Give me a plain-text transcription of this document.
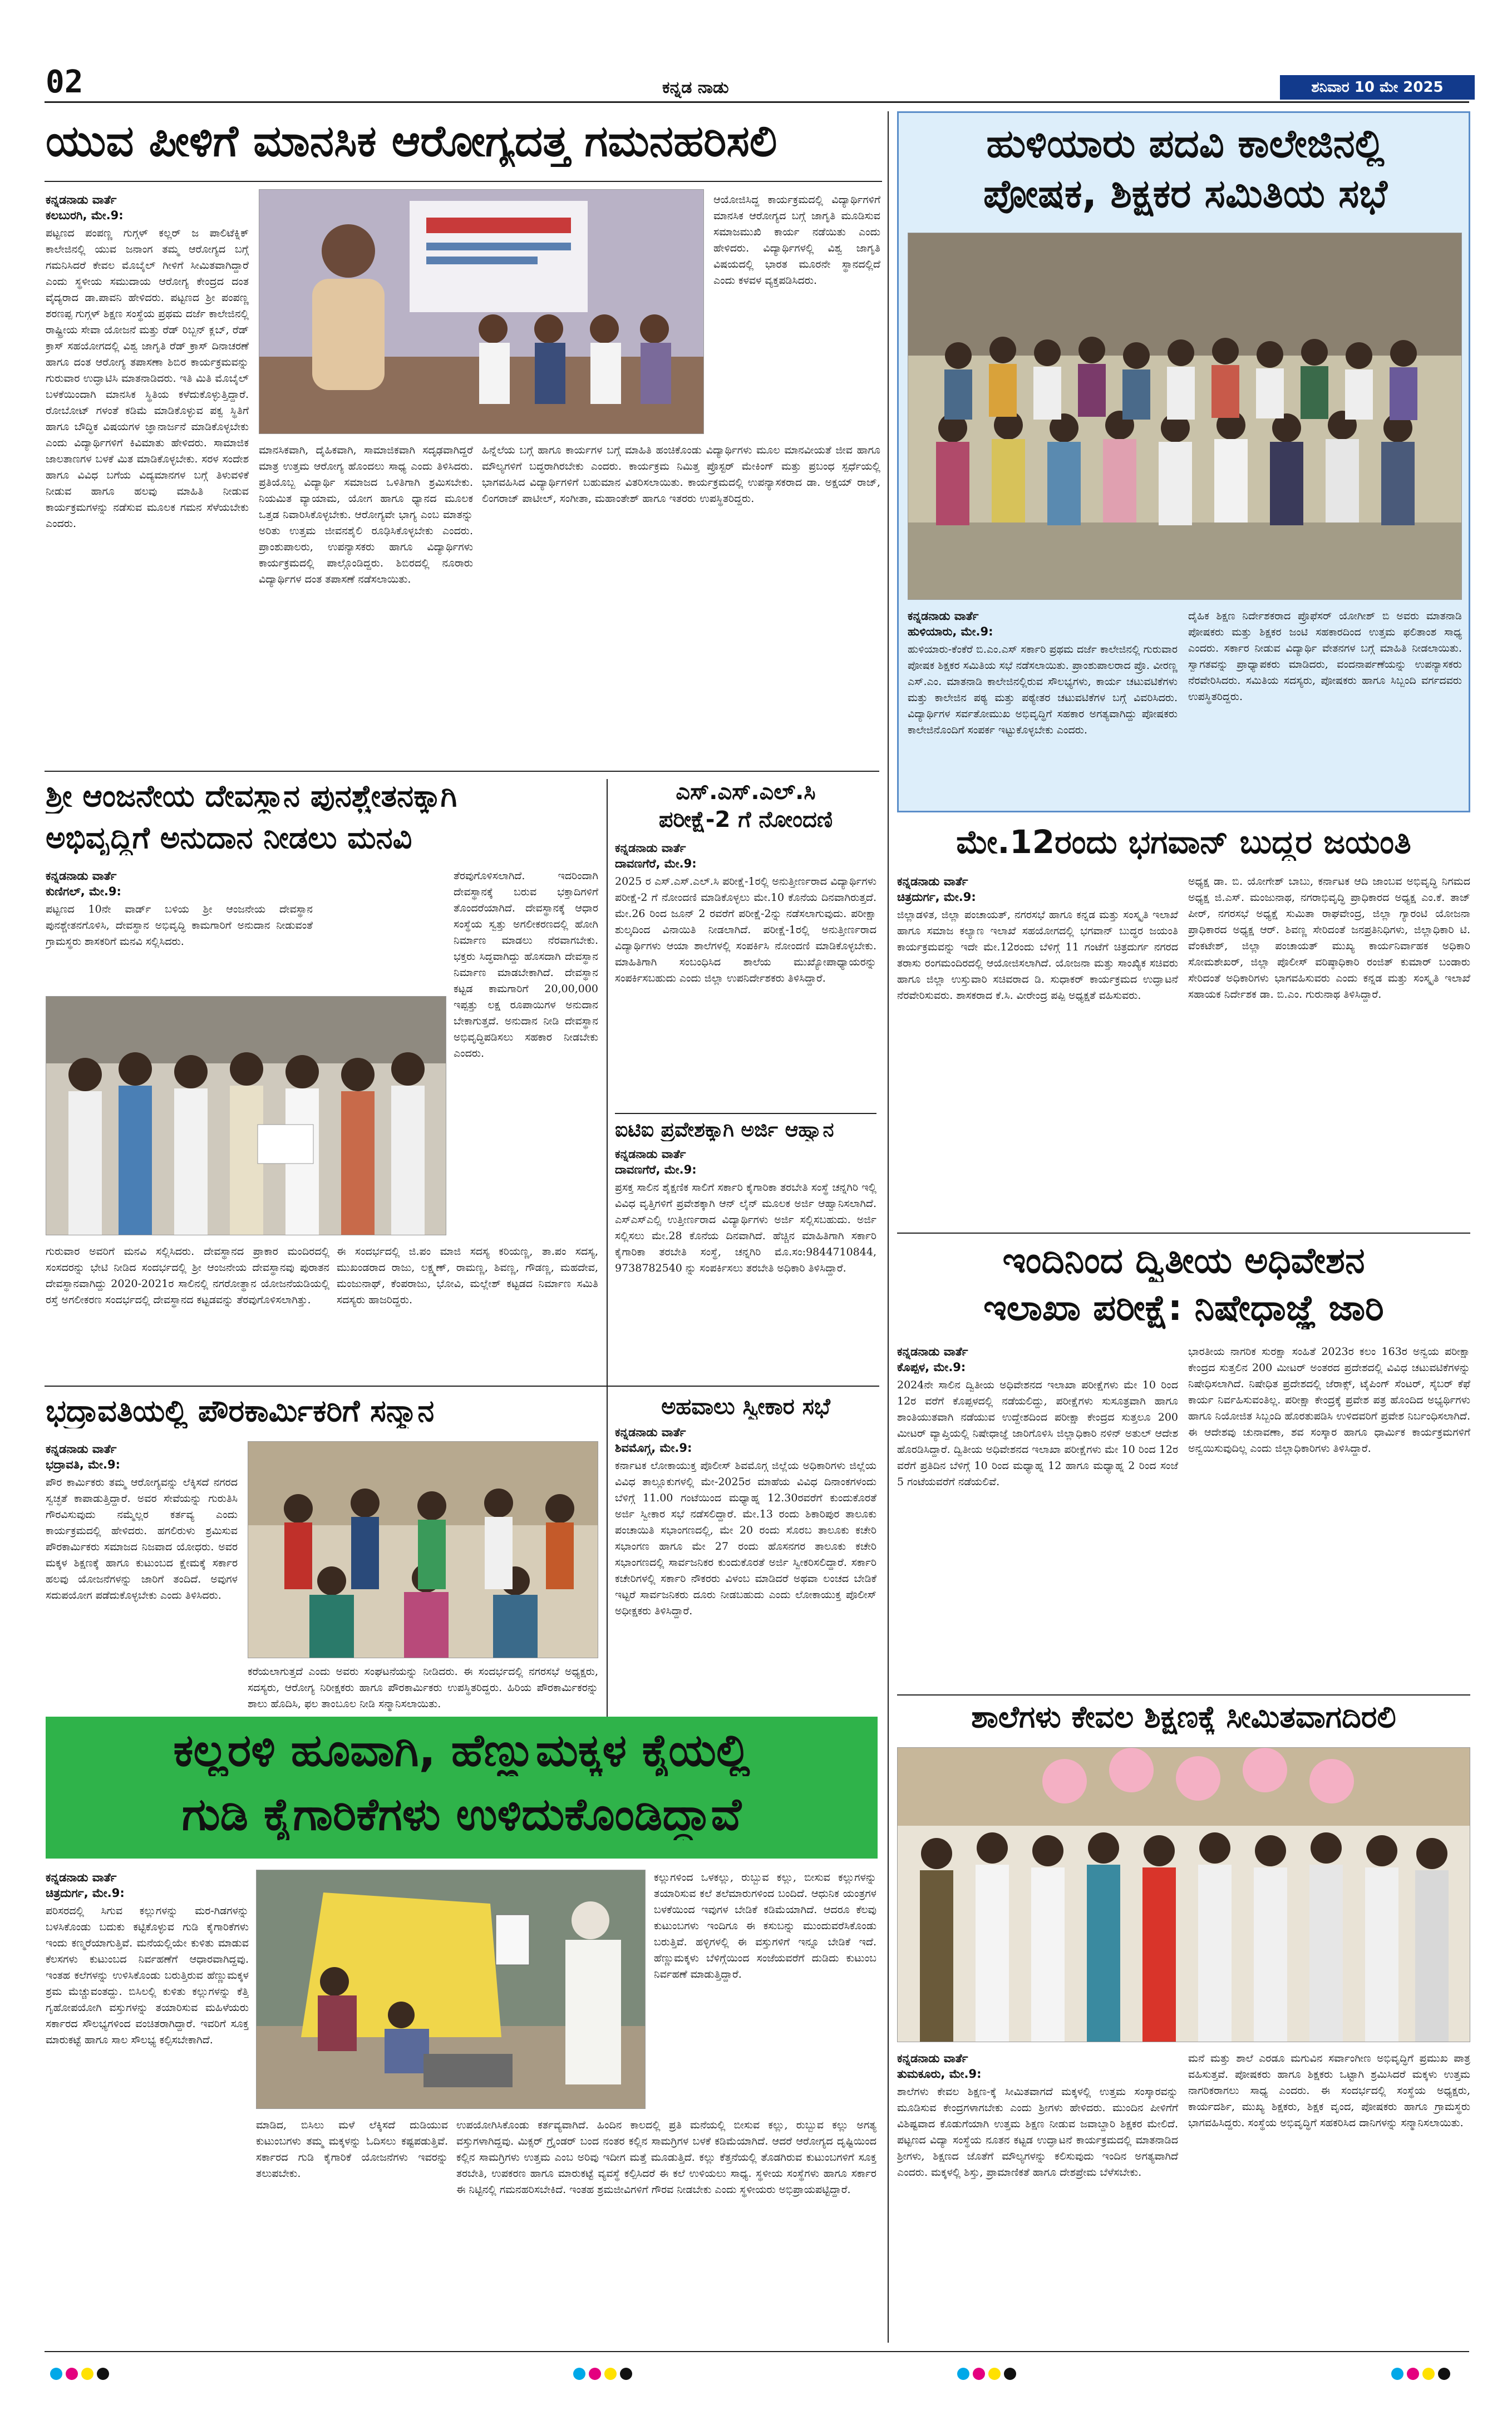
02	ಕನ್ನಡ ನಾಡು	ಶನಿವಾರ 10 ಮೇ 2025
ಯುವ ಪೀಳಿಗೆ ಮಾನಸಿಕ ಆರೋಗ್ಯದತ್ತ ಗಮನಹರಿಸಲಿ
ಕನ್ನಡನಾಡು ವಾರ್ತೆ
ಕಲಬುರಗಿ, ಮೇ.9:
ಪಟ್ಟಣದ ಪಂಪಣ್ಣ ಗುಗ್ಗಳ್ ಕಲ್ಲರ್ ಜ ಪಾಲಿಟೆಕ್ನಿಕ್ ಕಾಲೇಜಿನಲ್ಲಿ ಯುವ ಜನಾಂಗ ತಮ್ಮ ಆರೋಗ್ಯದ ಬಗ್ಗೆ ಗಮನಿಸಿದರೆ ಕೇವಲ ಮೊಬೈಲ್ ಗೀಳಿಗೆ ಸೀಮಿತವಾಗಿದ್ದಾರೆ ಎಂದು ಸ್ಥಳೀಯ ಸಮುದಾಯ ಆರೋಗ್ಯ ಕೇಂದ್ರದ ದಂತ ವೈದ್ಯರಾದ ಡಾ.ಪಾವನಿ ಹೇಳಿದರು. ಪಟ್ಟಣದ ಶ್ರೀ ಪಂಪಣ್ಣ ಶರಣಪ್ಪ ಗುಗ್ಗಳ್ ಶಿಕ್ಷಣ ಸಂಸ್ಥೆಯ ಪ್ರಥಮ ದರ್ಜೆ ಕಾಲೇಜಿನಲ್ಲಿ ರಾಷ್ಟ್ರೀಯ ಸೇವಾ ಯೋಜನೆ ಮತ್ತು ರೆಡ್ ರಿಬ್ಬನ್ ಕ್ಲಬ್, ರೆಡ್ ಕ್ರಾಸ್ ಸಹಯೋಗದಲ್ಲಿ ವಿಶ್ವ ಜಾಗೃತಿ ರೆಡ್ ಕ್ರಾಸ್ ದಿನಾಚರಣೆ ಹಾಗೂ ದಂತ ಆರೋಗ್ಯ ತಪಾಸಣಾ ಶಿಬಿರ ಕಾರ್ಯಕ್ರಮವನ್ನು ಗುರುವಾರ ಉದ್ಘಾಟಿಸಿ ಮಾತನಾಡಿದರು. ಇತಿ ಮಿತಿ ಮೊಬೈಲ್ ಬಳಕೆಯಿಂದಾಗಿ ಮಾನಸಿಕ ಸ್ಥಿತಿಯ ಕಳೆದುಕೊಳ್ಳುತ್ತಿದ್ದಾರೆ. ರೋಬೋಟ್ ಗಳಂತೆ ಕಡಿಮೆ ಮಾಡಿಕೊಳ್ಳುವ ಪಕ್ವ ಸ್ಥಿತಿಗೆ ಹಾಗೂ ಬೌದ್ಧಿಕ ವಿಷಯಗಳ ಜ್ಞಾನಾರ್ಜನೆ ಮಾಡಿಕೊಳ್ಳಬೇಕು ಎಂದು ವಿದ್ಯಾರ್ಥಿಗಳಿಗೆ ಕಿವಿಮಾತು ಹೇಳಿದರು. ಸಾಮಾಜಿಕ ಜಾಲತಾಣಗಳ ಬಳಕೆ ಮಿತ ಮಾಡಿಕೊಳ್ಳಬೇಕು. ಸರಳ ಸಂದೇಶ ಹಾಗೂ ವಿವಿಧ ಬಗೆಯ ವಿದ್ಯಮಾನಗಳ ಬಗ್ಗೆ ತಿಳುವಳಿಕೆ ನೀಡುವ ಹಾಗೂ ಹಲವು ಮಾಹಿತಿ ನೀಡುವ ಕಾರ್ಯಕ್ರಮಗಳನ್ನು ನಡೆಸುವ ಮೂಲಕ ಗಮನ ಸೆಳೆಯಬೇಕು ಎಂದರು.
ಆಯೋಜಿಸಿದ್ದ ಕಾರ್ಯಕ್ರಮದಲ್ಲಿ ವಿದ್ಯಾರ್ಥಿಗಳಿಗೆ ಮಾನಸಿಕ ಆರೋಗ್ಯದ ಬಗ್ಗೆ ಜಾಗೃತಿ ಮೂಡಿಸುವ ಸಮಾಜಮುಖಿ ಕಾರ್ಯ ನಡೆಯಿತು ಎಂದು ಹೇಳಿದರು. ವಿದ್ಯಾರ್ಥಿಗಳಲ್ಲಿ ವಿಶ್ವ ಜಾಗೃತಿ ವಿಷಯದಲ್ಲಿ ಭಾರತ ಮೂರನೇ ಸ್ಥಾನದಲ್ಲಿದೆ ಎಂದು ಕಳವಳ ವ್ಯಕ್ತಪಡಿಸಿದರು.
ಮಾನಸಿಕವಾಗಿ, ದೈಹಿಕವಾಗಿ, ಸಾಮಾಜಿಕವಾಗಿ ಸದೃಢವಾಗಿದ್ದರೆ ಮಾತ್ರ ಉತ್ತಮ ಆರೋಗ್ಯ ಹೊಂದಲು ಸಾಧ್ಯ ಎಂದು ತಿಳಿಸಿದರು. ಪ್ರತಿಯೊಬ್ಬ ವಿದ್ಯಾರ್ಥಿ ಸಮಾಜದ ಒಳಿತಿಗಾಗಿ ಶ್ರಮಿಸಬೇಕು. ನಿಯಮಿತ ವ್ಯಾಯಾಮ, ಯೋಗ ಹಾಗೂ ಧ್ಯಾನದ ಮೂಲಕ ಒತ್ತಡ ನಿವಾರಿಸಿಕೊಳ್ಳಬೇಕು. ಆರೋಗ್ಯವೇ ಭಾಗ್ಯ ಎಂಬ ಮಾತನ್ನು ಅರಿತು ಉತ್ತಮ ಜೀವನಶೈಲಿ ರೂಢಿಸಿಕೊಳ್ಳಬೇಕು ಎಂದರು. ಪ್ರಾಂಶುಪಾಲರು, ಉಪನ್ಯಾಸಕರು ಹಾಗೂ ವಿದ್ಯಾರ್ಥಿಗಳು ಕಾರ್ಯಕ್ರಮದಲ್ಲಿ ಪಾಲ್ಗೊಂಡಿದ್ದರು. ಶಿಬಿರದಲ್ಲಿ ನೂರಾರು ವಿದ್ಯಾರ್ಥಿಗಳ ದಂತ ತಪಾಸಣೆ ನಡೆಸಲಾಯಿತು.
ಹಿನ್ನೆಲೆಯ ಬಗ್ಗೆ ಹಾಗೂ ಕಾರ್ಯಗಳ ಬಗ್ಗೆ ಮಾಹಿತಿ ಹಂಚಿಕೊಂಡು ವಿದ್ಯಾರ್ಥಿಗಳು ಮೂಲ ಮಾನವೀಯತೆ ಜೀವ ಹಾಗೂ ಮೌಲ್ಯಗಳಿಗೆ ಬದ್ಧರಾಗಿರಬೇಕು ಎಂದರು. ಕಾರ್ಯಕ್ರಮ ನಿಮಿತ್ತ ಪ್ರೊಸ್ಟರ್ ಮೇಕಿಂಗ್ ಮತ್ತು ಪ್ರಬಂಧ ಸ್ಪರ್ಧೆಯಲ್ಲಿ ಭಾಗವಹಿಸಿದ ವಿದ್ಯಾರ್ಥಿಗಳಿಗೆ ಬಹುಮಾನ ವಿತರಿಸಲಾಯಿತು. ಕಾರ್ಯಕ್ರಮದಲ್ಲಿ ಉಪನ್ಯಾಸಕರಾದ ಡಾ. ಅಕ್ಷಯ್ ರಾಜ್, ಲಿಂಗರಾಜ್ ಪಾಟೀಲ್, ಸಂಗೀತಾ, ಮಹಾಂತೇಶ್ ಹಾಗೂ ಇತರರು ಉಪಸ್ಥಿತರಿದ್ದರು.
ಹುಳಿಯಾರು ಪದವಿ ಕಾಲೇಜಿನಲ್ಲಿ
ಪೋಷಕ, ಶಿಕ್ಷಕರ ಸಮಿತಿಯ ಸಭೆ
ಕನ್ನಡನಾಡು ವಾರ್ತೆ
ಹುಳಿಯಾರು, ಮೇ.9:
ಹುಳಿಯಾರು-ಕೆಂಕೆರೆ ಬಿ.ಎಂ.ಎಸ್ ಸರ್ಕಾರಿ ಪ್ರಥಮ ದರ್ಜೆ ಕಾಲೇಜಿನಲ್ಲಿ ಗುರುವಾರ ಪೋಷಕ ಶಿಕ್ಷಕರ ಸಮಿತಿಯ ಸಭೆ ನಡೆಸಲಾಯಿತು. ಪ್ರಾಂಶುಪಾಲರಾದ ಪ್ರೊ. ವೀರಣ್ಣ ಎಸ್.ಎಂ. ಮಾತನಾಡಿ ಕಾಲೇಜಿನಲ್ಲಿರುವ ಸೌಲಭ್ಯಗಳು, ಕಾರ್ಯ ಚಟುವಟಿಕೆಗಳು ಮತ್ತು ಕಾಲೇಜಿನ ಪಠ್ಯ ಮತ್ತು ಪಠ್ಯೇತರ ಚಟುವಟಿಕೆಗಳ ಬಗ್ಗೆ ವಿವರಿಸಿದರು. ವಿದ್ಯಾರ್ಥಿಗಳ ಸರ್ವತೋಮುಖ ಅಭಿವೃದ್ಧಿಗೆ ಸಹಕಾರ ಅಗತ್ಯವಾಗಿದ್ದು ಪೋಷಕರು ಕಾಲೇಜಿನೊಂದಿಗೆ ಸಂಪರ್ಕ ಇಟ್ಟುಕೊಳ್ಳಬೇಕು ಎಂದರು.
ದೈಹಿಕ ಶಿಕ್ಷಣ ನಿರ್ದೇಶಕರಾದ ಪ್ರೊಫೆಸರ್ ಯೋಗೀಶ್ ಬಿ ಅವರು ಮಾತನಾಡಿ ಪೋಷಕರು ಮತ್ತು ಶಿಕ್ಷಕರ ಜಂಟಿ ಸಹಕಾರದಿಂದ ಉತ್ತಮ ಫಲಿತಾಂಶ ಸಾಧ್ಯ ಎಂದರು. ಸರ್ಕಾರ ನೀಡುವ ವಿದ್ಯಾರ್ಥಿ ವೇತನಗಳ ಬಗ್ಗೆ ಮಾಹಿತಿ ನೀಡಲಾಯಿತು. ಸ್ವಾಗತವನ್ನು ಪ್ರಾಧ್ಯಾಪಕರು ಮಾಡಿದರು, ವಂದನಾರ್ಪಣೆಯನ್ನು ಉಪನ್ಯಾಸಕರು ನೆರವೇರಿಸಿದರು. ಸಮಿತಿಯ ಸದಸ್ಯರು, ಪೋಷಕರು ಹಾಗೂ ಸಿಬ್ಬಂದಿ ವರ್ಗದವರು ಉಪಸ್ಥಿತರಿದ್ದರು.
ಶ್ರೀ ಆಂಜನೇಯ ದೇವಸ್ಥಾನ ಪುನಶ್ಚೇತನಕ್ಕಾಗಿ
ಅಭಿವೃದ್ಧಿಗೆ ಅನುದಾನ ನೀಡಲು ಮನವಿ
ಕನ್ನಡನಾಡು ವಾರ್ತೆ
ಕುಣಿಗಲ್, ಮೇ.9:
ಪಟ್ಟಣದ 10ನೇ ವಾರ್ಡ್ ಬಳಿಯ ಶ್ರೀ ಆಂಜನೇಯ ದೇವಸ್ಥಾನ ಪುನಶ್ಚೇತನಗೊಳಿಸಿ, ದೇವಸ್ಥಾನ ಅಭಿವೃದ್ಧಿ ಕಾಮಗಾರಿಗೆ ಅನುದಾನ ನೀಡುವಂತೆ ಗ್ರಾಮಸ್ಥರು ಶಾಸಕರಿಗೆ ಮನವಿ ಸಲ್ಲಿಸಿದರು.
ಗುರುವಾರ ಅವರಿಗೆ ಮನವಿ ಸಲ್ಲಿಸಿದರು. ದೇವಸ್ಥಾನದ ಪ್ರಾಕಾರ ಮಂದಿರದಲ್ಲಿ ಸಂಸದರನ್ನು ಭೇಟಿ ನೀಡಿದ ಸಂದರ್ಭದಲ್ಲಿ ಶ್ರೀ ಆಂಜನೇಯ ದೇವಸ್ಥಾನವು ಪುರಾತನ ದೇವಸ್ಥಾನವಾಗಿದ್ದು 2020-2021ರ ಸಾಲಿನಲ್ಲಿ ನಗರೋತ್ಥಾನ ಯೋಜನೆಯಡಿಯಲ್ಲಿ ರಸ್ತೆ ಅಗಲೀಕರಣ ಸಂದರ್ಭದಲ್ಲಿ ದೇವಸ್ಥಾನದ ಕಟ್ಟಡವನ್ನು ತೆರವುಗೊಳಿಸಲಾಗಿತ್ತು.
ತೆರವುಗೊಳಿಸಲಾಗಿದೆ. ಇದರಿಂದಾಗಿ ದೇವಸ್ಥಾನಕ್ಕೆ ಬರುವ ಭಕ್ತಾದಿಗಳಿಗೆ ತೊಂದರೆಯಾಗಿದೆ. ದೇವಸ್ಥಾನಕ್ಕೆ ಆಧಾರ ಸಂಸ್ಥೆಯ ಸ್ವತ್ತು ಅಗಲೀಕರಣದಲ್ಲಿ ಹೋಗಿ ನಿರ್ಮಾಣ ಮಾಡಲು ನೆರವಾಗಬೇಕು. ಭಕ್ತರು ಸಿದ್ಧವಾಗಿದ್ದು ಹೊಸದಾಗಿ ದೇವಸ್ಥಾನ ನಿರ್ಮಾಣ ಮಾಡಬೇಕಾಗಿದೆ. ದೇವಸ್ಥಾನ ಕಟ್ಟಡ ಕಾಮಗಾರಿಗೆ 20,00,000 ಇಪ್ಪತ್ತು ಲಕ್ಷ ರೂಪಾಯಿಗಳ ಅನುದಾನ ಬೇಕಾಗುತ್ತದೆ. ಅನುದಾನ ನೀಡಿ ದೇವಸ್ಥಾನ ಅಭಿವೃದ್ಧಿಪಡಿಸಲು ಸಹಕಾರ ನೀಡಬೇಕು ಎಂದರು.
ಈ ಸಂದರ್ಭದಲ್ಲಿ ಜಿ.ಪಂ ಮಾಜಿ ಸದಸ್ಯ ಕರಿಯಣ್ಣ, ತಾ.ಪಂ ಸದಸ್ಯ, ಮುಖಂಡರಾದ ರಾಜು, ಲಕ್ಷ್ಮಣ್, ರಾಮಣ್ಣ, ಶಿವಣ್ಣ, ಗೌಡಣ್ಣ, ಮಹದೇವ, ಮಂಜುನಾಥ್, ಕೆಂಪರಾಜು, ಭೋವಿ, ಮಲ್ಲೇಶ್ ಕಟ್ಟಡದ ನಿರ್ಮಾಣ ಸಮಿತಿ ಸದಸ್ಯರು ಹಾಜರಿದ್ದರು.
ಎಸ್.ಎಸ್.ಎಲ್.ಸಿ
ಪರೀಕ್ಷೆ-2 ಗೆ ನೋಂದಣಿ
ಕನ್ನಡನಾಡು ವಾರ್ತೆ
ದಾವಣಗೆರೆ, ಮೇ.9:
2025 ರ ಎಸ್.ಎಸ್.ಎಲ್.ಸಿ ಪರೀಕ್ಷೆ-1ರಲ್ಲಿ ಅನುತ್ತೀರ್ಣರಾದ ವಿದ್ಯಾರ್ಥಿಗಳು ಪರೀಕ್ಷೆ-2 ಗೆ ನೋಂದಣಿ ಮಾಡಿಕೊಳ್ಳಲು ಮೇ.10 ಕೊನೆಯ ದಿನವಾಗಿರುತ್ತದೆ. ಮೇ.26 ರಿಂದ ಜೂನ್ 2 ರವರೆಗೆ ಪರೀಕ್ಷೆ-2ನ್ನು ನಡೆಸಲಾಗುವುದು. ಪರೀಕ್ಷಾ ಶುಲ್ಕದಿಂದ ವಿನಾಯಿತಿ ನೀಡಲಾಗಿದೆ. ಪರೀಕ್ಷೆ-1ರಲ್ಲಿ ಅನುತ್ತೀರ್ಣರಾದ ವಿದ್ಯಾರ್ಥಿಗಳು ಆಯಾ ಶಾಲೆಗಳಲ್ಲಿ ಸಂಪರ್ಕಿಸಿ ನೋಂದಣಿ ಮಾಡಿಕೊಳ್ಳಬೇಕು. ಮಾಹಿತಿಗಾಗಿ ಸಂಬಂಧಿಸಿದ ಶಾಲೆಯ ಮುಖ್ಯೋಪಾಧ್ಯಾಯರನ್ನು ಸಂಪರ್ಕಿಸಬಹುದು ಎಂದು ಜಿಲ್ಲಾ ಉಪನಿರ್ದೇಶಕರು ತಿಳಿಸಿದ್ದಾರೆ.
ಐಟಿಐ ಪ್ರವೇಶಕ್ಕಾಗಿ ಅರ್ಜಿ ಆಹ್ವಾನ
ಕನ್ನಡನಾಡು ವಾರ್ತೆ
ದಾವಣಗೆರೆ, ಮೇ.9:
ಪ್ರಸಕ್ತ ಸಾಲಿನ ಶೈಕ್ಷಣಿಕ ಸಾಲಿಗೆ ಸರ್ಕಾರಿ ಕೈಗಾರಿಕಾ ತರಬೇತಿ ಸಂಸ್ಥೆ ಚನ್ನಗಿರಿ ಇಲ್ಲಿ ವಿವಿಧ ವೃತ್ತಿಗಳಿಗೆ ಪ್ರವೇಶಕ್ಕಾಗಿ ಆನ್ ಲೈನ್ ಮೂಲಕ ಅರ್ಜಿ ಆಹ್ವಾನಿಸಲಾಗಿದೆ. ಎಸ್ಎಸ್ಎಲ್ಸಿ ಉತ್ತೀರ್ಣರಾದ ವಿದ್ಯಾರ್ಥಿಗಳು ಅರ್ಜಿ ಸಲ್ಲಿಸಬಹುದು. ಅರ್ಜಿ ಸಲ್ಲಿಸಲು ಮೇ.28 ಕೊನೆಯ ದಿನವಾಗಿದೆ. ಹೆಚ್ಚಿನ ಮಾಹಿತಿಗಾಗಿ ಸರ್ಕಾರಿ ಕೈಗಾರಿಕಾ ತರಬೇತಿ ಸಂಸ್ಥೆ, ಚನ್ನಗಿರಿ ಮೊ.ಸಂ:9844710844, 9738782540 ನ್ನು ಸಂಪರ್ಕಿಸಲು ತರಬೇತಿ ಅಧಿಕಾರಿ ತಿಳಿಸಿದ್ದಾರೆ.
ಮೇ.12ರಂದು ಭಗವಾನ್ ಬುದ್ಧರ ಜಯಂತಿ
ಕನ್ನಡನಾಡು ವಾರ್ತೆ
ಚಿತ್ರದುರ್ಗ, ಮೇ.9:
ಜಿಲ್ಲಾಡಳಿತ, ಜಿಲ್ಲಾ ಪಂಚಾಯತ್, ನಗರಸಭೆ ಹಾಗೂ ಕನ್ನಡ ಮತ್ತು ಸಂಸ್ಕೃತಿ ಇಲಾಖೆ ಹಾಗೂ ಸಮಾಜ ಕಲ್ಯಾಣ ಇಲಾಖೆ ಸಹಯೋಗದಲ್ಲಿ ಭಗವಾನ್ ಬುದ್ಧರ ಜಯಂತಿ ಕಾರ್ಯಕ್ರಮವನ್ನು ಇದೇ ಮೇ.12ರಂದು ಬೆಳಿಗ್ಗೆ 11 ಗಂಟೆಗೆ ಚಿತ್ರದುರ್ಗ ನಗರದ ತರಾಸು ರಂಗಮಂದಿರದಲ್ಲಿ ಆಯೋಜಿಸಲಾಗಿದೆ. ಯೋಜನಾ ಮತ್ತು ಸಾಂಖ್ಯಿಕ ಸಚಿವರು ಹಾಗೂ ಜಿಲ್ಲಾ ಉಸ್ತುವಾರಿ ಸಚಿವರಾದ ಡಿ. ಸುಧಾಕರ್ ಕಾರ್ಯಕ್ರಮದ ಉದ್ಘಾಟನೆ ನೆರವೇರಿಸುವರು. ಶಾಸಕರಾದ ಕೆ.ಸಿ. ವೀರೇಂದ್ರ ಪಪ್ಪಿ ಅಧ್ಯಕ್ಷತೆ ವಹಿಸುವರು.
ಅಧ್ಯಕ್ಷ ಡಾ. ಬಿ. ಯೋಗೇಶ್ ಬಾಬು, ಕರ್ನಾಟಕ ಆದಿ ಜಾಂಬವ ಅಭಿವೃದ್ಧಿ ನಿಗಮದ ಅಧ್ಯಕ್ಷ ಜಿ.ಎಸ್. ಮಂಜುನಾಥ, ನಗರಾಭಿವೃದ್ಧಿ ಪ್ರಾಧಿಕಾರದ ಅಧ್ಯಕ್ಷ ಎಂ.ಕೆ. ತಾಜ್ ಪೀರ್, ನಗರಸಭೆ ಅಧ್ಯಕ್ಷೆ ಸುಮಿತಾ ರಾಘವೇಂದ್ರ, ಜಿಲ್ಲಾ ಗ್ಯಾರಂಟಿ ಯೋಜನಾ ಪ್ರಾಧಿಕಾರದ ಅಧ್ಯಕ್ಷ ಆರ್. ಶಿವಣ್ಣ ಸೇರಿದಂತೆ ಜನಪ್ರತಿನಿಧಿಗಳು, ಜಿಲ್ಲಾಧಿಕಾರಿ ಟಿ. ವೆಂಕಟೇಶ್, ಜಿಲ್ಲಾ ಪಂಚಾಯತ್ ಮುಖ್ಯ ಕಾರ್ಯನಿರ್ವಾಹಕ ಅಧಿಕಾರಿ ಸೋಮಶೇಖರ್, ಜಿಲ್ಲಾ ಪೊಲೀಸ್ ವರಿಷ್ಠಾಧಿಕಾರಿ ರಂಜಿತ್ ಕುಮಾರ್ ಬಂಡಾರು ಸೇರಿದಂತೆ ಅಧಿಕಾರಿಗಳು ಭಾಗವಹಿಸುವರು ಎಂದು ಕನ್ನಡ ಮತ್ತು ಸಂಸ್ಕೃತಿ ಇಲಾಖೆ ಸಹಾಯಕ ನಿರ್ದೇಶಕ ಡಾ. ಬಿ.ಎಂ. ಗುರುನಾಥ ತಿಳಿಸಿದ್ದಾರೆ.
ಇಂದಿನಿಂದ ದ್ವಿತೀಯ ಅಧಿವೇಶನ
ಇಲಾಖಾ ಪರೀಕ್ಷೆ: ನಿಷೇಧಾಜ್ಞೆ ಜಾರಿ
ಕನ್ನಡನಾಡು ವಾರ್ತೆ
ಕೊಪ್ಪಳ, ಮೇ.9:
2024ನೇ ಸಾಲಿನ ದ್ವಿತೀಯ ಅಧಿವೇಶನದ ಇಲಾಖಾ ಪರೀಕ್ಷೆಗಳು ಮೇ 10 ರಿಂದ 12ರ ವರೆಗೆ ಕೊಪ್ಪಳದಲ್ಲಿ ನಡೆಯಲಿದ್ದು, ಪರೀಕ್ಷೆಗಳು ಸುಸೂತ್ರವಾಗಿ ಹಾಗೂ ಶಾಂತಿಯುತವಾಗಿ ನಡೆಯುವ ಉದ್ದೇಶದಿಂದ ಪರೀಕ್ಷಾ ಕೇಂದ್ರದ ಸುತ್ತಲೂ 200 ಮೀಟರ್ ವ್ಯಾಪ್ತಿಯಲ್ಲಿ ನಿಷೇಧಾಜ್ಞೆ ಜಾರಿಗೊಳಿಸಿ ಜಿಲ್ಲಾಧಿಕಾರಿ ನಳಿನ್ ಅತುಲ್ ಆದೇಶ ಹೊರಡಿಸಿದ್ದಾರೆ. ದ್ವಿತೀಯ ಅಧಿವೇಶನದ ಇಲಾಖಾ ಪರೀಕ್ಷೆಗಳು ಮೇ 10 ರಿಂದ 12ರ ವರೆಗೆ ಪ್ರತಿದಿನ ಬೆಳಿಗ್ಗೆ 10 ರಿಂದ ಮಧ್ಯಾಹ್ನ 12 ಹಾಗೂ ಮಧ್ಯಾಹ್ನ 2 ರಿಂದ ಸಂಜೆ 5 ಗಂಟೆಯವರೆಗೆ ನಡೆಯಲಿವೆ.
ಭಾರತೀಯ ನಾಗರಿಕ ಸುರಕ್ಷಾ ಸಂಹಿತೆ 2023ರ ಕಲಂ 163ರ ಅನ್ವಯ ಪರೀಕ್ಷಾ ಕೇಂದ್ರದ ಸುತ್ತಲಿನ 200 ಮೀಟರ್ ಅಂತರದ ಪ್ರದೇಶದಲ್ಲಿ ವಿವಿಧ ಚಟುವಟಿಕೆಗಳನ್ನು ನಿಷೇಧಿಸಲಾಗಿದೆ. ನಿಷೇಧಿತ ಪ್ರದೇಶದಲ್ಲಿ ಜೆರಾಕ್ಸ್, ಟೈಪಿಂಗ್ ಸೆಂಟರ್, ಸೈಬರ್ ಕೆಫೆ ಕಾರ್ಯ ನಿರ್ವಹಿಸುವಂತಿಲ್ಲ. ಪರೀಕ್ಷಾ ಕೇಂದ್ರಕ್ಕೆ ಪ್ರವೇಶ ಪತ್ರ ಹೊಂದಿದ ಅಭ್ಯರ್ಥಿಗಳು ಹಾಗೂ ನಿಯೋಜಿತ ಸಿಬ್ಬಂದಿ ಹೊರತುಪಡಿಸಿ ಉಳಿದವರಿಗೆ ಪ್ರವೇಶ ನಿರ್ಬಂಧಿಸಲಾಗಿದೆ. ಈ ಆದೇಶವು ಚುನಾವಣಾ, ಶವ ಸಂಸ್ಕಾರ ಹಾಗೂ ಧಾರ್ಮಿಕ ಕಾರ್ಯಕ್ರಮಗಳಿಗೆ ಅನ್ವಯಿಸುವುದಿಲ್ಲ ಎಂದು ಜಿಲ್ಲಾಧಿಕಾರಿಗಳು ತಿಳಿಸಿದ್ದಾರೆ.
ಭದ್ರಾವತಿಯಲ್ಲಿ ಪೌರಕಾರ್ಮಿಕರಿಗೆ ಸನ್ಮಾನ
ಕನ್ನಡನಾಡು ವಾರ್ತೆ
ಭದ್ರಾವತಿ, ಮೇ.9:
ಪೌರ ಕಾರ್ಮಿಕರು ತಮ್ಮ ಆರೋಗ್ಯವನ್ನು ಲೆಕ್ಕಿಸದೆ ನಗರದ ಸ್ವಚ್ಛತೆ ಕಾಪಾಡುತ್ತಿದ್ದಾರೆ. ಅವರ ಸೇವೆಯನ್ನು ಗುರುತಿಸಿ ಗೌರವಿಸುವುದು ನಮ್ಮೆಲ್ಲರ ಕರ್ತವ್ಯ ಎಂದು ಕಾರ್ಯಕ್ರಮದಲ್ಲಿ ಹೇಳಿದರು. ಹಗಲಿರುಳು ಶ್ರಮಿಸುವ ಪೌರಕಾರ್ಮಿಕರು ಸಮಾಜದ ನಿಜವಾದ ಯೋಧರು. ಅವರ ಮಕ್ಕಳ ಶಿಕ್ಷಣಕ್ಕೆ ಹಾಗೂ ಕುಟುಂಬದ ಕ್ಷೇಮಕ್ಕೆ ಸರ್ಕಾರ ಹಲವು ಯೋಜನೆಗಳನ್ನು ಜಾರಿಗೆ ತಂದಿದೆ. ಅವುಗಳ ಸದುಪಯೋಗ ಪಡೆದುಕೊಳ್ಳಬೇಕು ಎಂದು ತಿಳಿಸಿದರು.
ಕರೆಯಲಾಗುತ್ತದೆ ಎಂದು ಅವರು ಸಂಘಟನೆಯನ್ನು ನೀಡಿದರು. ಈ ಸಂದರ್ಭದಲ್ಲಿ ನಗರಸಭೆ ಅಧ್ಯಕ್ಷರು, ಸದಸ್ಯರು, ಆರೋಗ್ಯ ನಿರೀಕ್ಷಕರು ಹಾಗೂ ಪೌರಕಾರ್ಮಿಕರು ಉಪಸ್ಥಿತರಿದ್ದರು. ಹಿರಿಯ ಪೌರಕಾರ್ಮಿಕರನ್ನು ಶಾಲು ಹೊದಿಸಿ, ಫಲ ತಾಂಬೂಲ ನೀಡಿ ಸನ್ಮಾನಿಸಲಾಯಿತು.
ಅಹವಾಲು ಸ್ವೀಕಾರ ಸಭೆ
ಕನ್ನಡನಾಡು ವಾರ್ತೆ
ಶಿವಮೊಗ್ಗ, ಮೇ.9:
ಕರ್ನಾಟಕ ಲೋಕಾಯುಕ್ತ ಪೊಲೀಸ್ ಶಿವಮೊಗ್ಗ ಜಿಲ್ಲೆಯ ಅಧಿಕಾರಿಗಳು ಜಿಲ್ಲೆಯ ವಿವಿಧ ತಾಲ್ಲೂಕುಗಳಲ್ಲಿ ಮೇ-2025ರ ಮಾಹೆಯ ವಿವಿಧ ದಿನಾಂಕಗಳಂದು ಬೆಳಿಗ್ಗೆ 11.00 ಗಂಟೆಯಿಂದ ಮಧ್ಯಾಹ್ನ 12.30ರವರೆಗೆ ಕುಂದುಕೊರತೆ ಅರ್ಜಿ ಸ್ವೀಕಾರ ಸಭೆ ನಡೆಸಲಿದ್ದಾರೆ. ಮೇ.13 ರಂದು ಶಿಕಾರಿಪುರ ತಾಲೂಕು ಪಂಚಾಯಿತಿ ಸಭಾಂಗಣದಲ್ಲಿ, ಮೇ 20 ರಂದು ಸೊರಬ ತಾಲೂಕು ಕಚೇರಿ ಸಭಾಂಗಣ ಹಾಗೂ ಮೇ 27 ರಂದು ಹೊಸನಗರ ತಾಲೂಕು ಕಚೇರಿ ಸಭಾಂಗಣದಲ್ಲಿ ಸಾರ್ವಜನಿಕರ ಕುಂದುಕೊರತೆ ಅರ್ಜಿ ಸ್ವೀಕರಿಸಲಿದ್ದಾರೆ. ಸರ್ಕಾರಿ ಕಚೇರಿಗಳಲ್ಲಿ ಸರ್ಕಾರಿ ನೌಕರರು ವಿಳಂಬ ಮಾಡಿದರೆ ಅಥವಾ ಲಂಚದ ಬೇಡಿಕೆ ಇಟ್ಟರೆ ಸಾರ್ವಜನಿಕರು ದೂರು ನೀಡಬಹುದು ಎಂದು ಲೋಕಾಯುಕ್ತ ಪೊಲೀಸ್ ಅಧೀಕ್ಷಕರು ತಿಳಿಸಿದ್ದಾರೆ.
ಶಾಲೆಗಳು ಕೇವಲ ಶಿಕ್ಷಣಕ್ಕೆ ಸೀಮಿತವಾಗದಿರಲಿ
ಕನ್ನಡನಾಡು ವಾರ್ತೆ
ತುಮಕೂರು, ಮೇ.9:
ಶಾಲೆಗಳು ಕೇವಲ ಶಿಕ್ಷಣ-ಕ್ಕೆ ಸೀಮಿತವಾಗದೆ ಮಕ್ಕಳಲ್ಲಿ ಉತ್ತಮ ಸಂಸ್ಕಾರವನ್ನು ಮೂಡಿಸುವ ಕೇಂದ್ರಗಳಾಗಬೇಕು ಎಂದು ಶ್ರೀಗಳು ಹೇಳಿದರು. ಮುಂದಿನ ಪೀಳಿಗೆಗೆ ವಿಶಿಷ್ಟವಾದ ಕೊಡುಗೆಯಾಗಿ ಉತ್ತಮ ಶಿಕ್ಷಣ ನೀಡುವ ಜವಾಬ್ದಾರಿ ಶಿಕ್ಷಕರ ಮೇಲಿದೆ. ಪಟ್ಟಣದ ವಿದ್ಯಾ ಸಂಸ್ಥೆಯ ನೂತನ ಕಟ್ಟಡ ಉದ್ಘಾಟನೆ ಕಾರ್ಯಕ್ರಮದಲ್ಲಿ ಮಾತನಾಡಿದ ಶ್ರೀಗಳು, ಶಿಕ್ಷಣದ ಜೊತೆಗೆ ಮೌಲ್ಯಗಳನ್ನು ಕಲಿಸುವುದು ಇಂದಿನ ಅಗತ್ಯವಾಗಿದೆ ಎಂದರು. ಮಕ್ಕಳಲ್ಲಿ ಶಿಸ್ತು, ಪ್ರಾಮಾಣಿಕತೆ ಹಾಗೂ ದೇಶಪ್ರೇಮ ಬೆಳೆಸಬೇಕು.
ಮನೆ ಮತ್ತು ಶಾಲೆ ಎರಡೂ ಮಗುವಿನ ಸರ್ವಾಂಗೀಣ ಅಭಿವೃದ್ಧಿಗೆ ಪ್ರಮುಖ ಪಾತ್ರ ವಹಿಸುತ್ತವೆ. ಪೋಷಕರು ಹಾಗೂ ಶಿಕ್ಷಕರು ಒಟ್ಟಾಗಿ ಶ್ರಮಿಸಿದರೆ ಮಕ್ಕಳು ಉತ್ತಮ ನಾಗರಿಕರಾಗಲು ಸಾಧ್ಯ ಎಂದರು. ಈ ಸಂದರ್ಭದಲ್ಲಿ ಸಂಸ್ಥೆಯ ಅಧ್ಯಕ್ಷರು, ಕಾರ್ಯದರ್ಶಿ, ಮುಖ್ಯ ಶಿಕ್ಷಕರು, ಶಿಕ್ಷಕ ವೃಂದ, ಪೋಷಕರು ಹಾಗೂ ಗ್ರಾಮಸ್ಥರು ಭಾಗವಹಿಸಿದ್ದರು. ಸಂಸ್ಥೆಯ ಅಭಿವೃದ್ಧಿಗೆ ಸಹಕರಿಸಿದ ದಾನಿಗಳನ್ನು ಸನ್ಮಾನಿಸಲಾಯಿತು.
ಕಲ್ಲರಳಿ ಹೂವಾಗಿ, ಹೆಣ್ಣುಮಕ್ಕಳ ಕೈಯಲ್ಲಿ
ಗುಡಿ ಕೈಗಾರಿಕೆಗಳು ಉಳಿದುಕೊಂಡಿದ್ದಾವೆ
ಕನ್ನಡನಾಡು ವಾರ್ತೆ
ಚಿತ್ರದುರ್ಗ, ಮೇ.9:
ಪರಿಸರದಲ್ಲಿ ಸಿಗುವ ಕಲ್ಲುಗಳನ್ನು ಮರ-ಗಿಡಗಳನ್ನು ಬಳಸಿಕೊಂಡು ಬದುಕು ಕಟ್ಟಿಕೊಳ್ಳುವ ಗುಡಿ ಕೈಗಾರಿಕೆಗಳು ಇಂದು ಕಣ್ಮರೆಯಾಗುತ್ತಿವೆ. ಮನೆಯಲ್ಲಿಯೇ ಕುಳಿತು ಮಾಡುವ ಕೆಲಸಗಳು ಕುಟುಂಬದ ನಿರ್ವಹಣೆಗೆ ಆಧಾರವಾಗಿದ್ದವು. ಇಂತಹ ಕಲೆಗಳನ್ನು ಉಳಿಸಿಕೊಂಡು ಬರುತ್ತಿರುವ ಹೆಣ್ಣುಮಕ್ಕಳ ಶ್ರಮ ಮೆಚ್ಚುವಂತದ್ದು. ಬಿಸಿಲಲ್ಲಿ ಕುಳಿತು ಕಲ್ಲುಗಳನ್ನು ಕೆತ್ತಿ ಗೃಹೋಪಯೋಗಿ ವಸ್ತುಗಳನ್ನು ತಯಾರಿಸುವ ಮಹಿಳೆಯರು ಸರ್ಕಾರದ ಸೌಲಭ್ಯಗಳಿಂದ ವಂಚಿತರಾಗಿದ್ದಾರೆ. ಇವರಿಗೆ ಸೂಕ್ತ ಮಾರುಕಟ್ಟೆ ಹಾಗೂ ಸಾಲ ಸೌಲಭ್ಯ ಕಲ್ಪಿಸಬೇಕಾಗಿದೆ.
ಕಲ್ಲುಗಳಿಂದ ಒಳಕಲ್ಲು, ರುಬ್ಬುವ ಕಲ್ಲು, ಬೀಸುವ ಕಲ್ಲುಗಳನ್ನು ತಯಾರಿಸುವ ಕಲೆ ತಲೆಮಾರುಗಳಿಂದ ಬಂದಿದೆ. ಆಧುನಿಕ ಯಂತ್ರಗಳ ಬಳಕೆಯಿಂದ ಇವುಗಳ ಬೇಡಿಕೆ ಕಡಿಮೆಯಾಗಿದೆ. ಆದರೂ ಕೆಲವು ಕುಟುಂಬಗಳು ಇಂದಿಗೂ ಈ ಕಸುಬನ್ನು ಮುಂದುವರೆಸಿಕೊಂಡು ಬರುತ್ತಿವೆ. ಹಳ್ಳಿಗಳಲ್ಲಿ ಈ ವಸ್ತುಗಳಿಗೆ ಇನ್ನೂ ಬೇಡಿಕೆ ಇದೆ. ಹೆಣ್ಣುಮಕ್ಕಳು ಬೆಳಿಗ್ಗೆಯಿಂದ ಸಂಜೆಯವರೆಗೆ ದುಡಿದು ಕುಟುಂಬ ನಿರ್ವಹಣೆ ಮಾಡುತ್ತಿದ್ದಾರೆ.
ಮಾಡಿದ, ಬಿಸಿಲು ಮಳೆ ಲೆಕ್ಕಿಸದೆ ದುಡಿಯುವ ಕುಟುಂಬಗಳು ತಮ್ಮ ಮಕ್ಕಳನ್ನು ಓದಿಸಲು ಕಷ್ಟಪಡುತ್ತಿವೆ. ಸರ್ಕಾರದ ಗುಡಿ ಕೈಗಾರಿಕೆ ಯೋಜನೆಗಳು ಇವರನ್ನು ತಲುಪಬೇಕು.
ಉಪಯೋಗಿಸಿಕೊಂಡು ಕರ್ತವ್ಯವಾಗಿದೆ. ಹಿಂದಿನ ಕಾಲದಲ್ಲಿ ಪ್ರತಿ ಮನೆಯಲ್ಲಿ ಬೀಸುವ ಕಲ್ಲು, ರುಬ್ಬುವ ಕಲ್ಲು ಅಗತ್ಯ ವಸ್ತುಗಳಾಗಿದ್ದವು. ಮಿಕ್ಸರ್ ಗ್ರೈಂಡರ್ ಬಂದ ನಂತರ ಕಲ್ಲಿನ ಸಾಮಗ್ರಿಗಳ ಬಳಕೆ ಕಡಿಮೆಯಾಗಿದೆ. ಆದರೆ ಆರೋಗ್ಯದ ದೃಷ್ಟಿಯಿಂದ ಕಲ್ಲಿನ ಸಾಮಗ್ರಿಗಳು ಉತ್ತಮ ಎಂಬ ಅರಿವು ಇದೀಗ ಮತ್ತೆ ಮೂಡುತ್ತಿದೆ. ಕಲ್ಲು ಕೆತ್ತನೆಯಲ್ಲಿ ತೊಡಗಿರುವ ಕುಟುಂಬಗಳಿಗೆ ಸೂಕ್ತ ತರಬೇತಿ, ಉಪಕರಣ ಹಾಗೂ ಮಾರುಕಟ್ಟೆ ವ್ಯವಸ್ಥೆ ಕಲ್ಪಿಸಿದರೆ ಈ ಕಲೆ ಉಳಿಯಲು ಸಾಧ್ಯ. ಸ್ಥಳೀಯ ಸಂಸ್ಥೆಗಳು ಹಾಗೂ ಸರ್ಕಾರ ಈ ನಿಟ್ಟಿನಲ್ಲಿ ಗಮನಹರಿಸಬೇಕಿದೆ. ಇಂತಹ ಶ್ರಮಜೀವಿಗಳಿಗೆ ಗೌರವ ನೀಡಬೇಕು ಎಂದು ಸ್ಥಳೀಯರು ಅಭಿಪ್ರಾಯಪಟ್ಟಿದ್ದಾರೆ.
